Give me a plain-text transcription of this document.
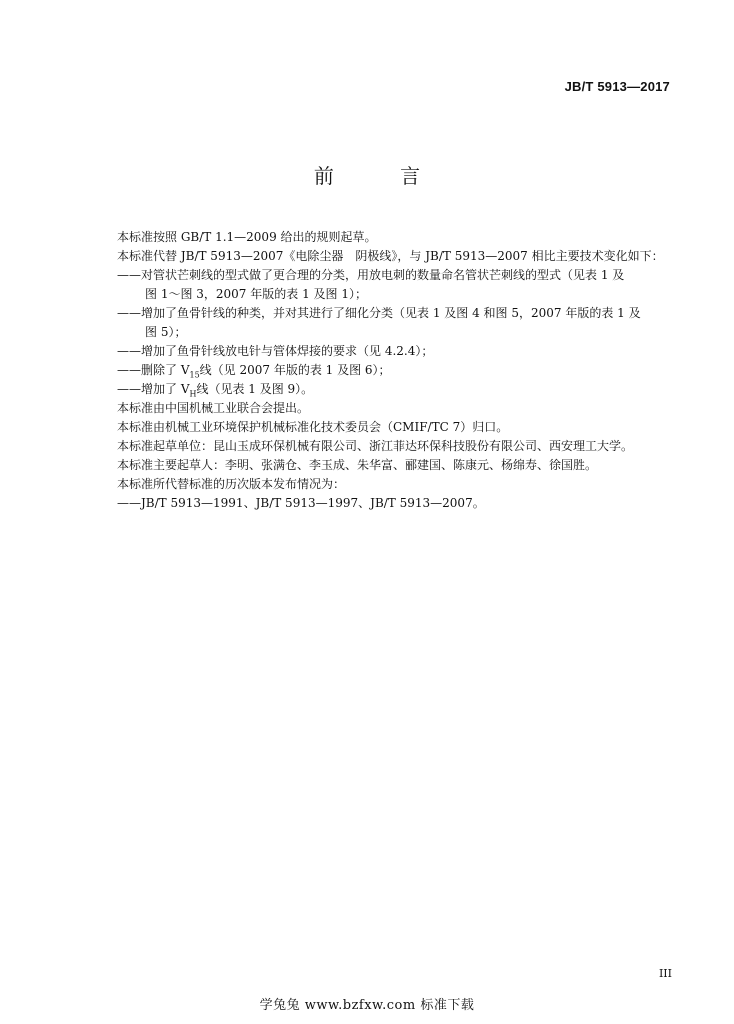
JB/T 5913—2017
前 言
本标准按照 GB/T 1.1—2009 给出的规则起草。
本标准代替 JB/T 5913—2007《电除尘器　阴极线》，与 JB/T 5913—2007 相比主要技术变化如下：
——对管状芒刺线的型式做了更合理的分类，用放电刺的数量命名管状芒刺线的型式（见表 1 及
图 1～图 3，2007 年版的表 1 及图 1）；
——增加了鱼骨针线的种类，并对其进行了细化分类（见表 1 及图 4 和图 5，2007 年版的表 1 及
图 5）；
——增加了鱼骨针线放电针与管体焊接的要求（见 4.2.4）；
——删除了 $V_{15}$线（见 2007 年版的表 1 及图 6）；
——增加了 $V_H$线（见表 1 及图 9）。
本标准由中国机械工业联合会提出。
本标准由机械工业环境保护机械标准化技术委员会（CMIF/TC 7）归口。
本标准起草单位：昆山玉成环保机械有限公司、浙江菲达环保科技股份有限公司、西安理工大学。
本标准主要起草人：李明、张满仓、李玉成、朱华富、郦建国、陈康元、杨绵寿、徐国胜。
本标准所代替标准的历次版本发布情况为：
——JB/T 5913—1991、JB/T 5913—1997、JB/T 5913—2007。
III
学兔兔 www.bzfxw.com 标准下载
